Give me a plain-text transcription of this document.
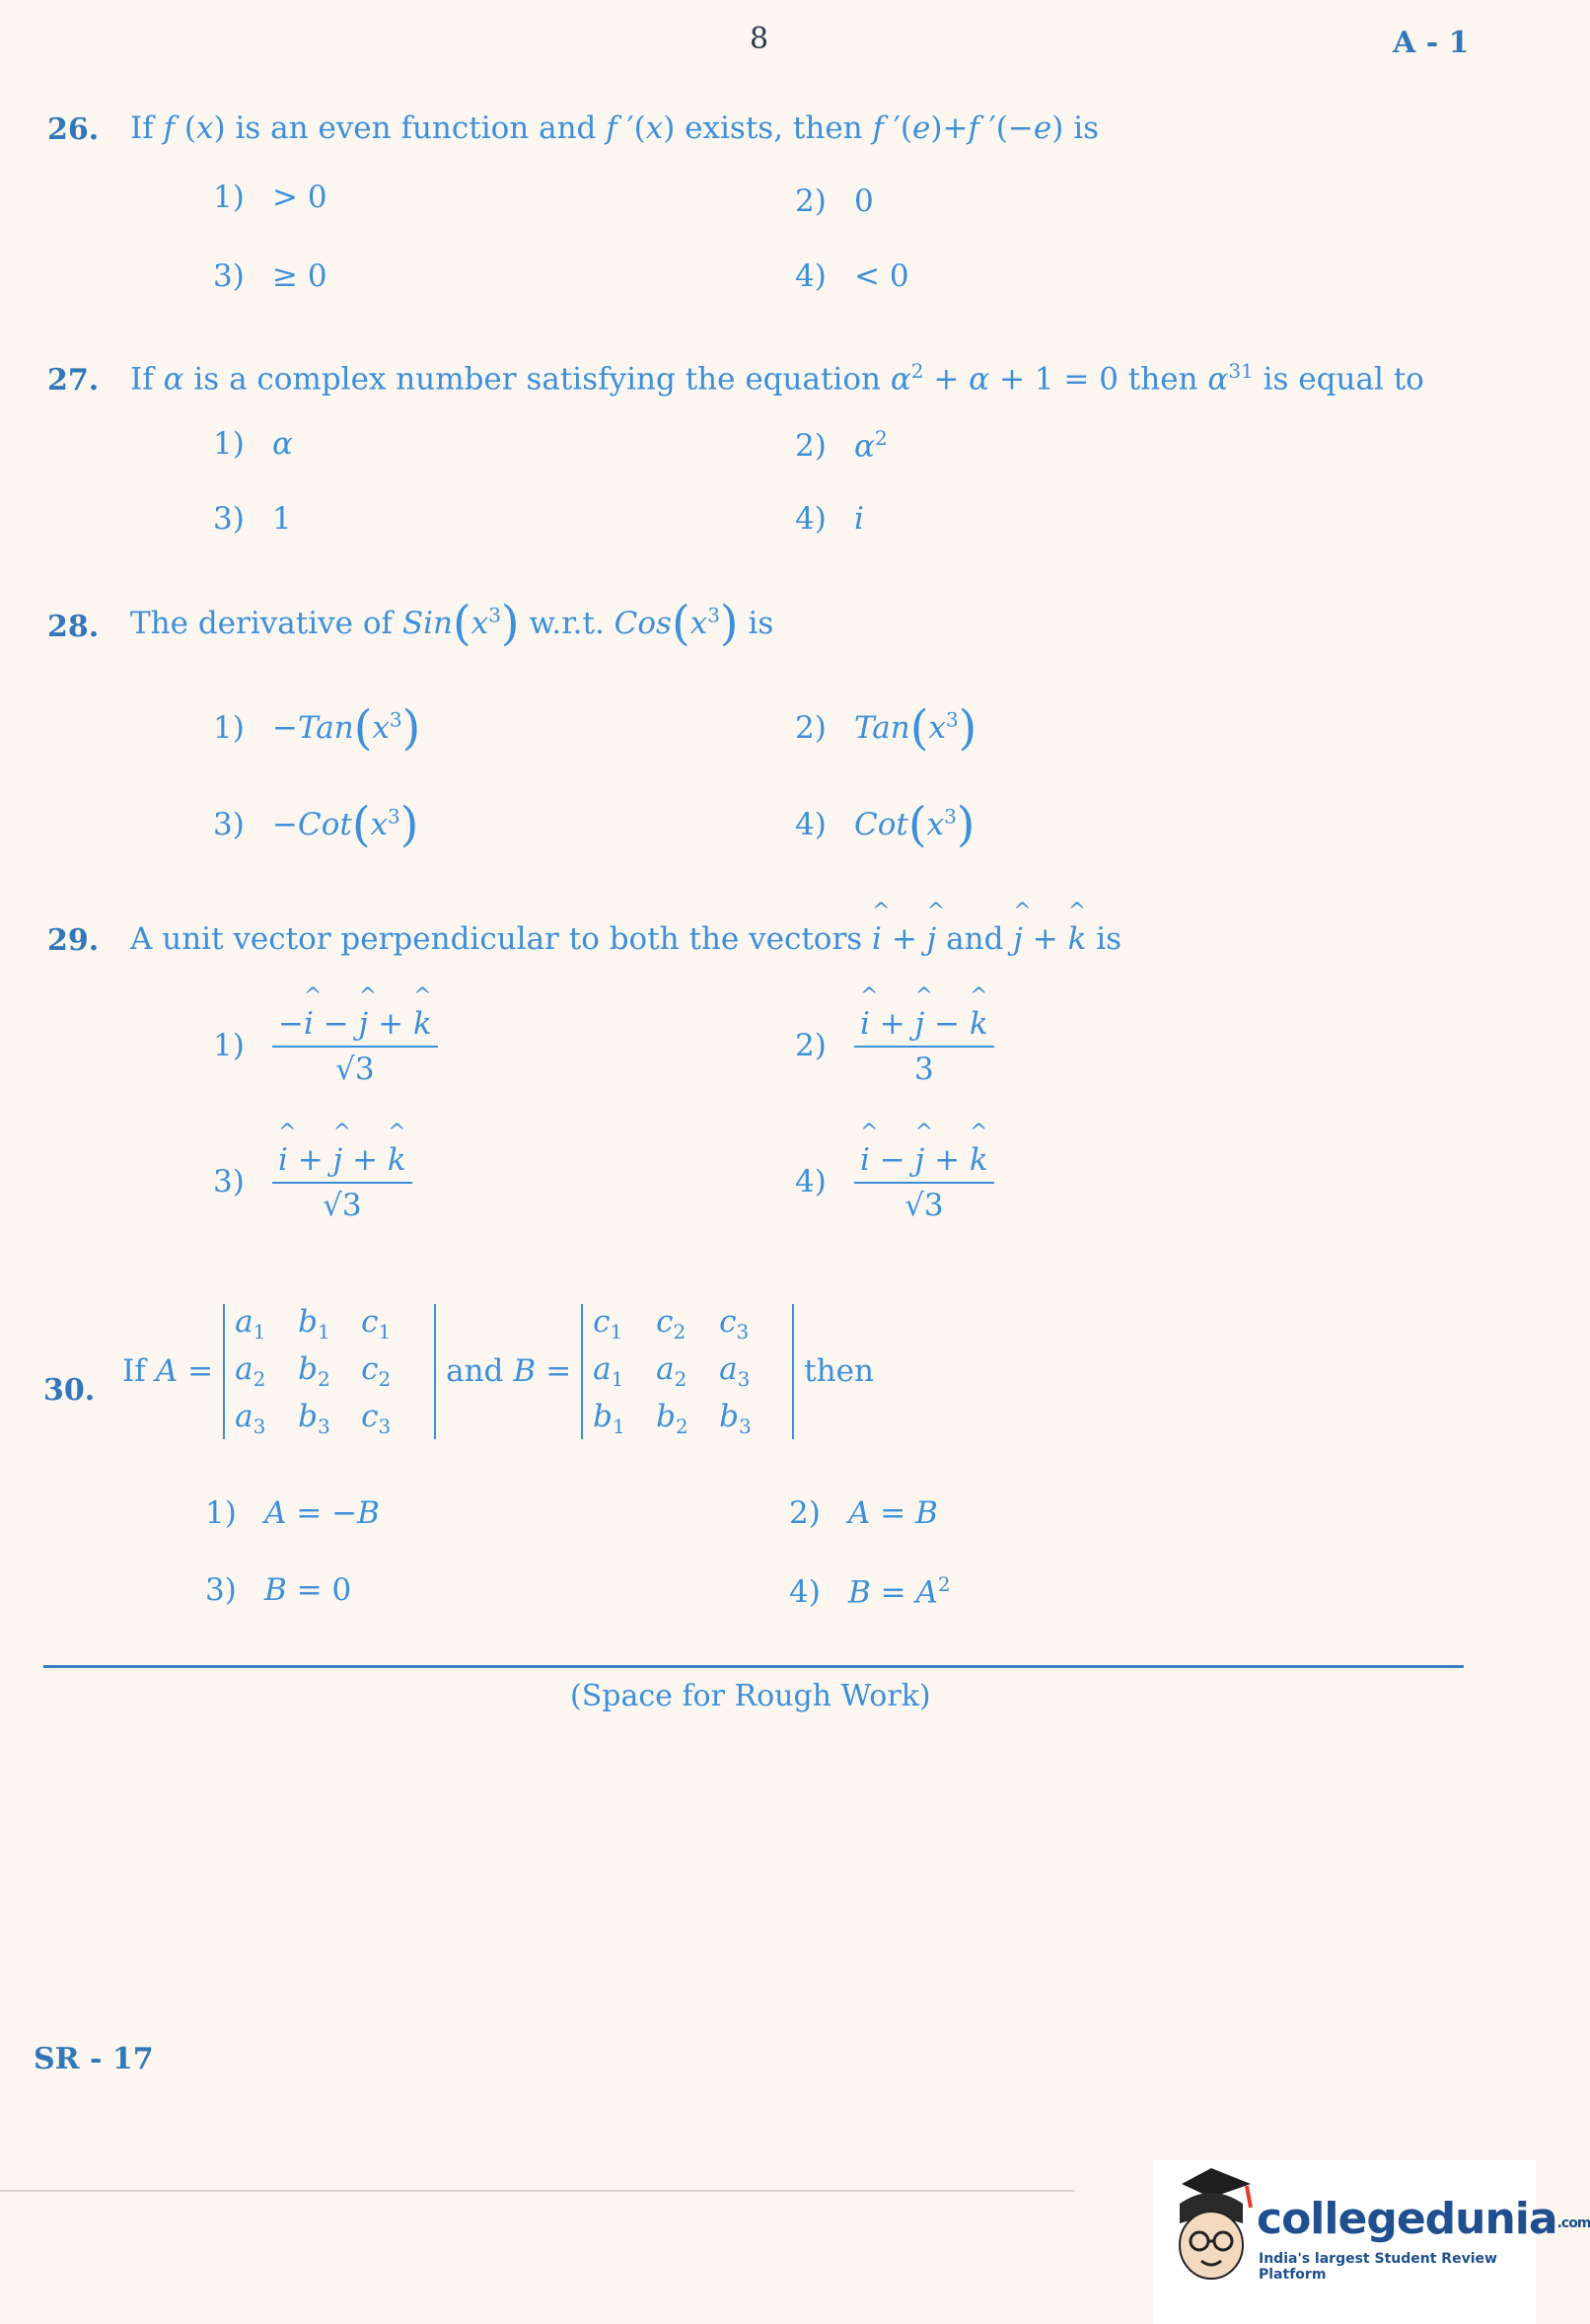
8	A - 1
26. If f (x) is an even function and f ′(x) exists, then f ′(e)+f ′(−e) is
1) > 0	2) 0
3) ≥ 0	4) < 0
27. If α is a complex number satisfying the equation $\alpha^2 + \alpha + 1 = 0$ then $\alpha^{31}$ is equal to
1) α	2) $\alpha^2$
3) 1	4) i
28. The derivative of $Sin(x^3)$ w.r.t. $Cos(x^3)$ is
$1) -Tan(x^3)$	2) $Tan(x^3)$
$3) -Cot(x^3)$	4) $Cot(x^3)$
29. A unit vector perpendicular to both the vectors ^ i + ^ j and ^ j + ^ k is
$1) \frac{-\^{} i - \^{} j + \^{} k}{√3}$	2) ^ $\frac{i + \^{} j - \^{} k}{3}$
3) ^ $\frac{i + \^{} j + \^{} k}{√3}$	4) ^ $\frac{i - \^{} j + \^{} k}{√3}$
30.
If A =
$a_1$	$b_1$	$c_1$
$a_2$	$b_2$	$c_2$
$a_3$	$b_3$	$c_3$
and B =
$c_1$	$c_2$	$c_3$
$a_1$	$a_2$	$a_3$
$b_1$	$b_2$	$b_3$
then
1) A = −B	2) A = B
3) B = 0	4) $B = A^2$
(Space for Rough Work)
SR - 17
collegedunia.com
India's largest Student Review Platform
